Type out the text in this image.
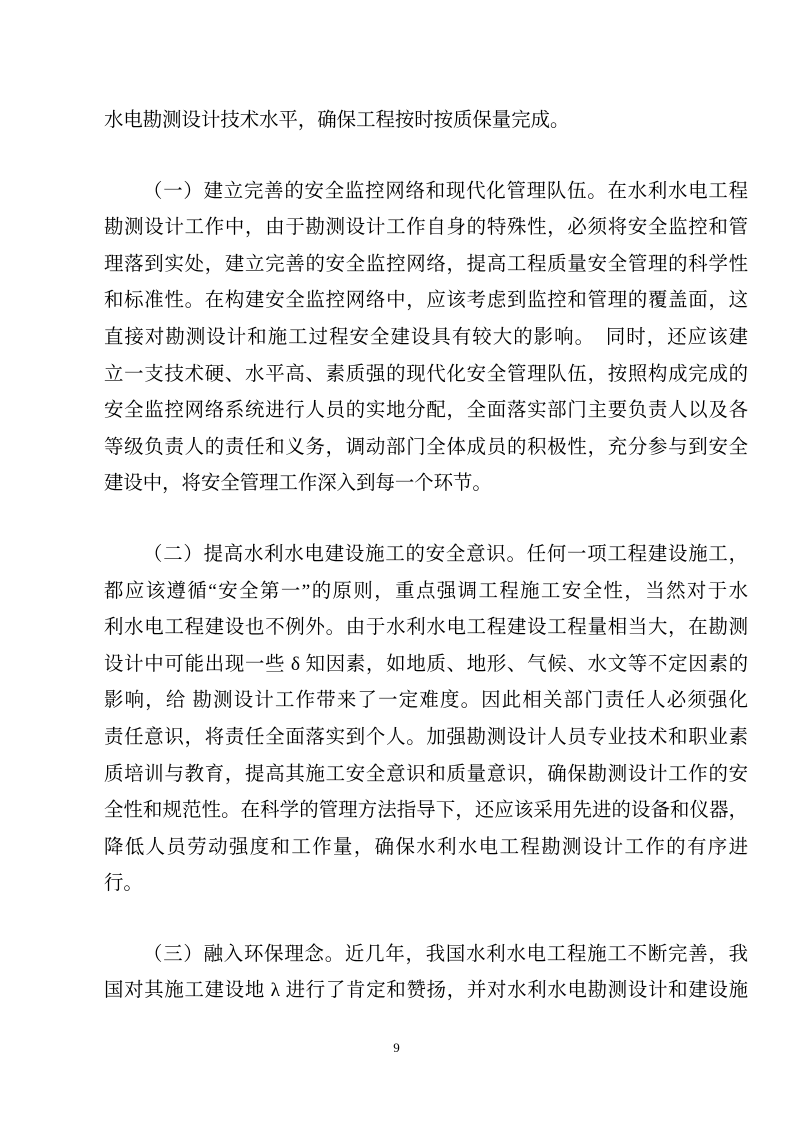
水电勘测设计技术水平，确保工程按时按质保量完成。
（一）建立完善的安全监控网络和现代化管理队伍。在水利水电工程
勘测设计工作中，由于勘测设计工作自身的特殊性，必须将安全监控和管
理落到实处，建立完善的安全监控网络，提高工程质量安全管理的科学性
和标准性。在构建安全监控网络中，应该考虑到监控和管理的覆盖面，这
直接对勘测设计和施工过程安全建设具有较大的影响。　同时，还应该建
立一支技术硬、水平高、素质强的现代化安全管理队伍，按照构成完成的
安全监控网络系统进行人员的实地分配，全面落实部门主要负责人以及各
等级负责人的责任和义务，调动部门全体成员的积极性，充分参与到安全
建设中，将安全管理工作深入到每一个环节。
（二）提高水利水电建设施工的安全意识。任何一项工程建设施工，
都应该遵循“安全第一”的原则，重点强调工程施工安全性，当然对于水
利水电工程建设也不例外。由于水利水电工程建设工程量相当大，在勘测
设计中可能出现一些 δ 知因素，如地质、地形、气候、水文等不定因素的
影响，给 勘测设计工作带来了一定难度。因此相关部门责任人必须强化
责任意识，将责任全面落实到个人。加强勘测设计人员专业技术和职业素
质培训与教育，提高其施工安全意识和质量意识，确保勘测设计工作的安
全性和规范性。在科学的管理方法指导下，还应该采用先进的设备和仪器，
降低人员劳动强度和工作量，确保水利水电工程勘测设计工作的有序进
行。
（三）融入环保理念。近几年，我国水利水电工程施工不断完善，我
国对其施工建设地 λ 进行了肯定和赞扬，并对水利水电勘测设计和建设施
9
